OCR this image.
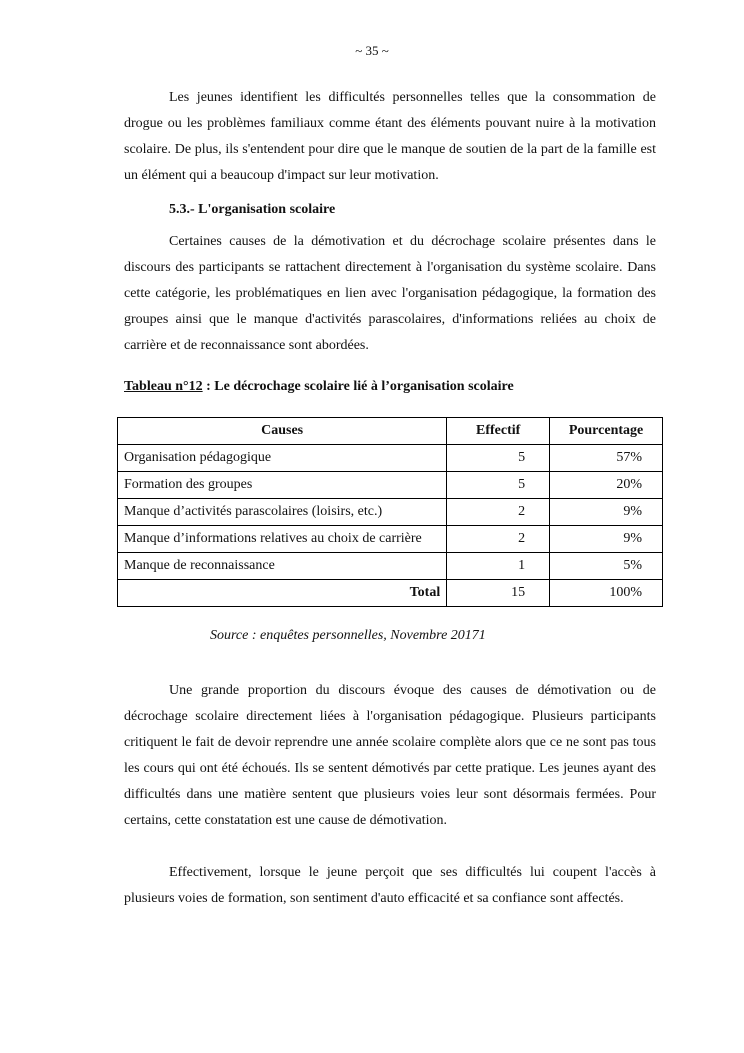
~ 35 ~

Les jeunes identifient les difficultés personnelles telles que la consommation de drogue ou les problèmes familiaux comme étant des éléments pouvant nuire à la motivation scolaire. De plus, ils s'entendent pour dire que le manque de soutien de la part de la famille est un élément qui a beaucoup d'impact sur leur motivation.

5.3.- L'organisation scolaire

Certaines causes de la démotivation et du décrochage scolaire présentes dans le discours des participants se rattachent directement à l'organisation du système scolaire. Dans cette catégorie, les problématiques en lien avec l'organisation pédagogique, la formation des groupes ainsi que le manque d'activités parascolaires, d'informations reliées au choix de carrière et de reconnaissance sont abordées.

Tableau n°12 : Le décrochage scolaire lié à l’organisation scolaire

Causes	Effectif	Pourcentage
Organisation pédagogique	5	57%
Formation des groupes	5	20%
Manque d’activités parascolaires (loisirs, etc.)	2	9%
Manque d’informations relatives au choix de carrière	2	9%
Manque de reconnaissance	1	5%
Total	15	100%

Source : enquêtes personnelles, Novembre 20171

Une grande proportion du discours évoque des causes de démotivation ou de décrochage scolaire directement liées à l'organisation pédagogique. Plusieurs participants critiquent le fait de devoir reprendre une année scolaire complète alors que ce ne sont pas tous les cours qui ont été échoués. Ils se sentent démotivés par cette pratique. Les jeunes ayant des difficultés dans une matière sentent que plusieurs voies leur sont désormais fermées. Pour certains, cette constatation est une cause de démotivation.

Effectivement, lorsque le jeune perçoit que ses difficultés lui coupent l'accès à plusieurs voies de formation, son sentiment d'auto efficacité et sa confiance sont affectés.
